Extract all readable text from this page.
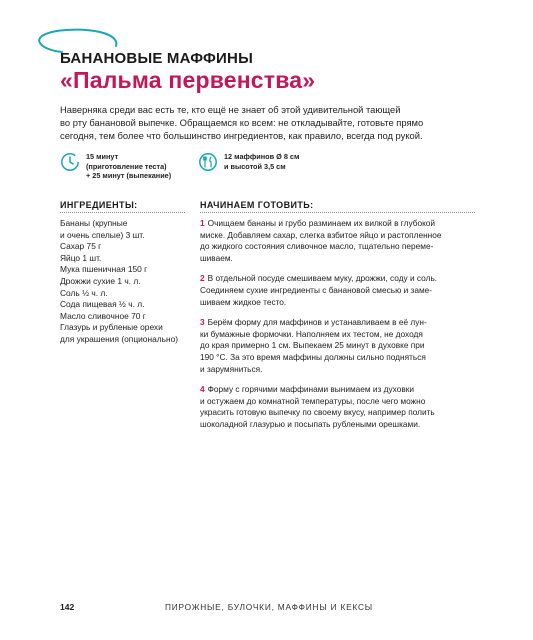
БАНАНОВЫЕ МАФФИНЫ
«Пальма первенства»

Наверняка среди вас есть те, кто ещё не знает об этой удивительной тающей

во рту банановой выпечке. Обращаемся ко всем: не откладывайте, готовьте прямо

сегодня, тем более что большинство ингредиентов, как правило, всегда под рукой.

15 минут
(приготовление теста)
+ 25 минут (выпекание)
12 маффинов Ø 8 см
и высотой 3,5 см
ИНГРЕДИЕНТЫ:	НАЧИНАЕМ ГОТОВИТЬ:
Бананы (крупные
и очень спелые) 3 шт.
Сахар 75 г
Яйцо 1 шт.
Мука пшеничная 150 г
Дрожжи сухие 1 ч. л.
Соль ½ ч. л.
Сода пищевая ½ ч. л.
Масло сливочное 70 г
Глазурь и рубленые орехи
для украшения (опционально)
1 Очищаем бананы и грубо разминаем их вилкой в глубокой
миске. Добавляем сахар, слегка взбитое яйцо и растопленное
до жидкого состояния сливочное масло, тщательно переме-
шиваем.
2 В отдельной посуде смешиваем муку, дрожжи, соду и соль.
Соединяем сухие ингредиенты с банановой смесью и заме-
шиваем жидкое тесто.
3 Берём форму для маффинов и устанавливаем в её лун-
ки бумажные формочки. Наполняем их тестом, не доходя
до края примерно 1 см. Выпекаем 25 минут в духовке при
190 °С. За это время маффины должны сильно подняться
и зарумяниться.
4 Форму с горячими маффинами вынимаем из духовки
и остужаем до комнатной температуры, после чего можно
украсить готовую выпечку по своему вкусу, например полить
шоколадной глазурью и посыпать рублеными орешками.
142	ПИРОЖНЫЕ, БУЛОЧКИ, МАФФИНЫ И КЕКСЫ
